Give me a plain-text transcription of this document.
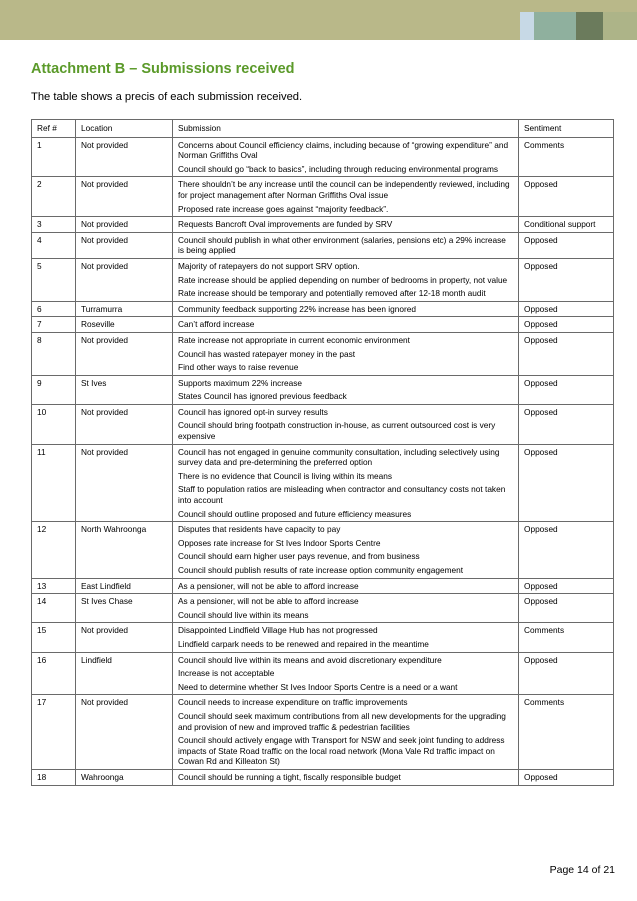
Attachment B – Submissions received

The table shows a precis of each submission received.

Ref #	Location	Submission	Sentiment
1	Not provided	Concerns about Council efficiency claims, including because of “growing expenditure” and Norman Griffiths Oval
Council should go “back to basics”, including through reducing environmental programs	Comments
2	Not provided	There shouldn’t be any increase until the council can be independently reviewed, including for project management after Norman Griffiths Oval issue
Proposed rate increase goes against “majority feedback”.	Opposed
3	Not provided	Requests Bancroft Oval improvements are funded by SRV	Conditional support
4	Not provided	Council should publish in what other environment (salaries, pensions etc) a 29% increase is being applied	Opposed
5	Not provided	Majority of ratepayers do not support SRV option.
Rate increase should be applied depending on number of bedrooms in property, not value
Rate increase should be temporary and potentially removed after 12-18 month audit	Opposed
6	Turramurra	Community feedback supporting 22% increase has been ignored	Opposed
7	Roseville	Can’t afford increase	Opposed
8	Not provided	Rate increase not appropriate in current economic environment
Council has wasted ratepayer money in the past
Find other ways to raise revenue	Opposed
9	St Ives	Supports maximum 22% increase
States Council has ignored previous feedback	Opposed
10	Not provided	Council has ignored opt-in survey results
Council should bring footpath construction in-house, as current outsourced cost is very expensive	Opposed
11	Not provided	Council has not engaged in genuine community consultation, including selectively using survey data and pre-determining the preferred option
There is no evidence that Council is living within its means
Staff to population ratios are misleading when contractor and consultancy costs not taken into account
Council should outline proposed and future efficiency measures	Opposed
12	North Wahroonga	Disputes that residents have capacity to pay
Opposes rate increase for St Ives Indoor Sports Centre
Council should earn higher user pays revenue, and from business
Council should publish results of rate increase option community engagement	Opposed
13	East Lindfield	As a pensioner, will not be able to afford increase	Opposed
14	St Ives Chase	As a pensioner, will not be able to afford increase
Council should live within its means	Opposed
15	Not provided	Disappointed Lindfield Village Hub has not progressed
Lindfield carpark needs to be renewed and repaired in the meantime	Comments
16	Lindfield	Council should live within its means and avoid discretionary expenditure
Increase is not acceptable
Need to determine whether St Ives Indoor Sports Centre is a need or a want	Opposed
17	Not provided	Council needs to increase expenditure on traffic improvements
Council should seek maximum contributions from all new developments for the upgrading and provision of new and improved traffic & pedestrian facilities
Council should actively engage with Transport for NSW and seek joint funding to address impacts of State Road traffic on the local road network (Mona Vale Rd traffic impact on Cowan Rd and Killeaton St)	Comments
18	Wahroonga	Council should be running a tight, fiscally responsible budget	Opposed
Page 14 of 21
